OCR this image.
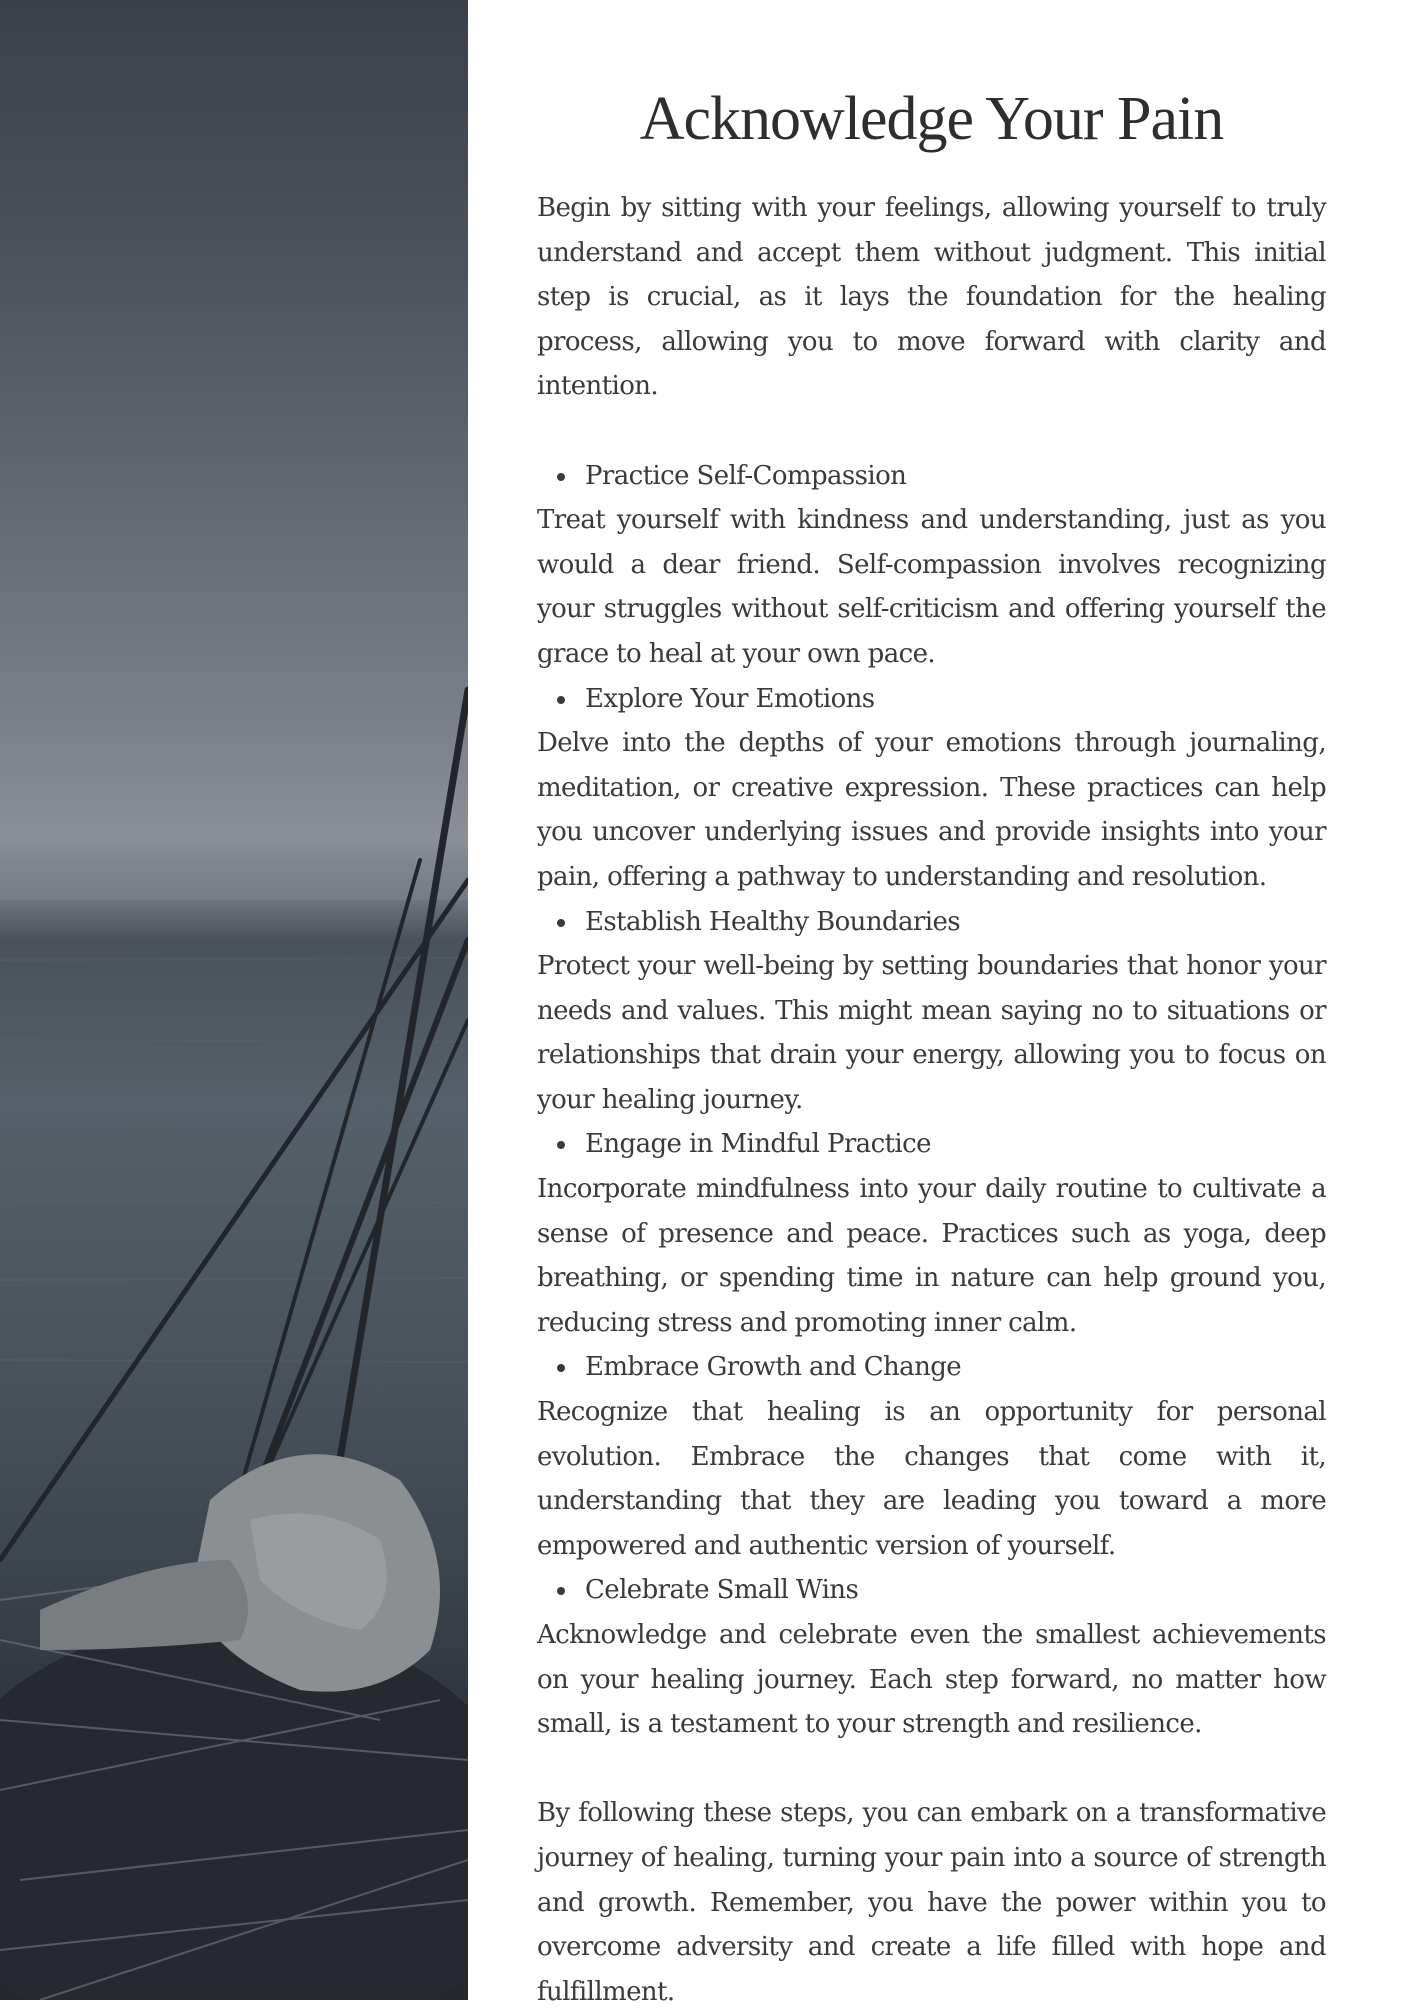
Acknowledge Your Pain

Begin by sitting with your feelings, allowing yourself to truly understand and accept them without judgment. This initial step is crucial, as it lays the foundation for the healing process, allowing you to move forward with clarity and intention.

Practice Self-Compassion

Treat yourself with kindness and understanding, just as you would a dear friend. Self-compassion involves recognizing your struggles without self-criticism and offering yourself the grace to heal at your own pace.

Explore Your Emotions

Delve into the depths of your emotions through journaling, meditation, or creative expression. These practices can help you uncover underlying issues and provide insights into your pain, offering a pathway to understanding and resolution.

Establish Healthy Boundaries

Protect your well-being by setting boundaries that honor your needs and values. This might mean saying no to situations or relationships that drain your energy, allowing you to focus on your healing journey.

Engage in Mindful Practice

Incorporate mindfulness into your daily routine to cultivate a sense of presence and peace. Practices such as yoga, deep breathing, or spending time in nature can help ground you, reducing stress and promoting inner calm.

Embrace Growth and Change

Recognize that healing is an opportunity for personal evolution. Embrace the changes that come with it, understanding that they are leading you toward a more empowered and authentic version of yourself.

Celebrate Small Wins

Acknowledge and celebrate even the smallest achievements on your healing journey. Each step forward, no matter how small, is a testament to your strength and resilience.

By following these steps, you can embark on a transformative journey of healing, turning your pain into a source of strength and growth. Remember, you have the power within you to overcome adversity and create a life filled with hope and fulfillment.
